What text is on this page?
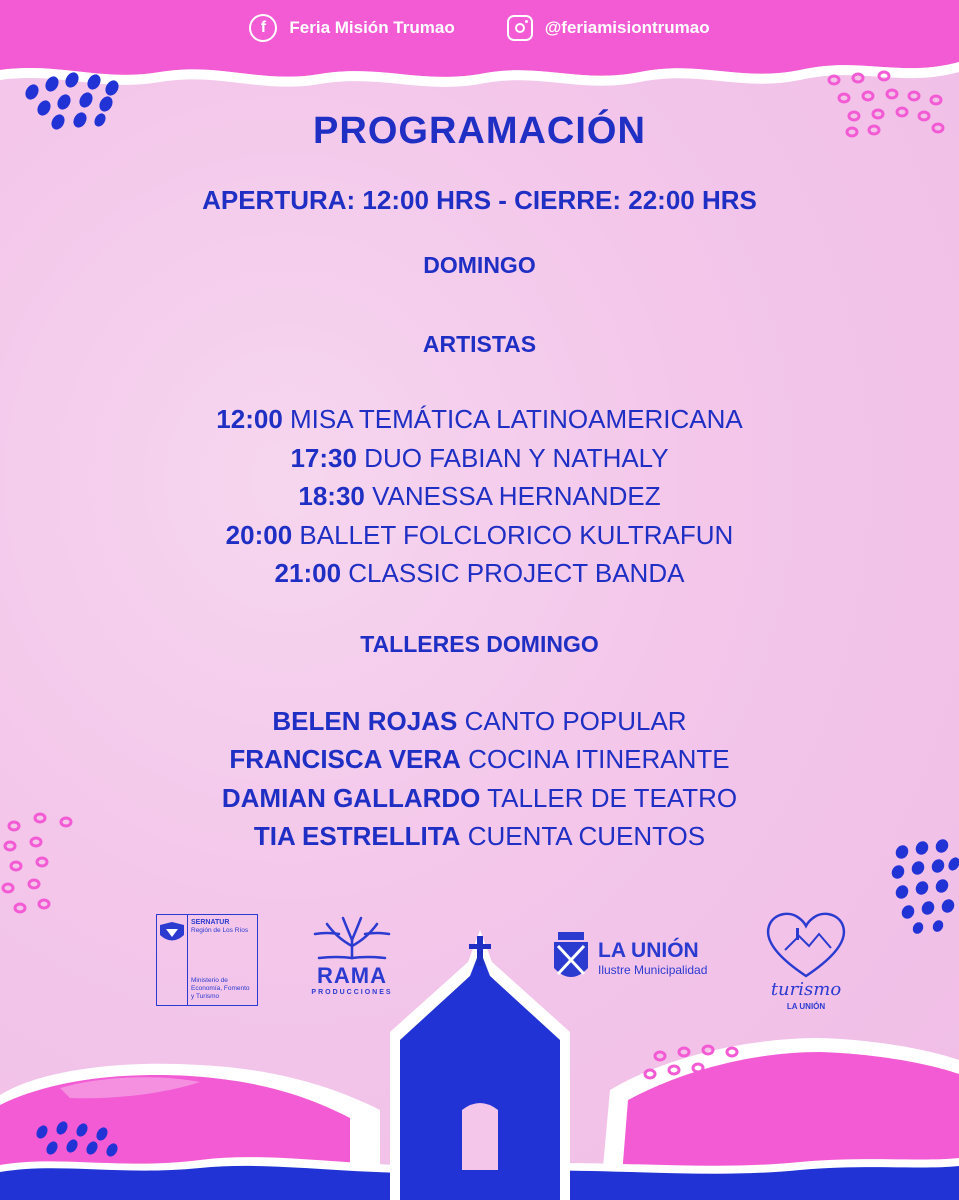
f	Feria Misión Trumao	@feriamisiontrumao
PROGRAMACIÓN
APERTURA: 12:00 HRS - CIERRE: 22:00 HRS
DOMINGO
ARTISTAS
12:00 MISA TEMÁTICA LATINOAMERICANA
17:30 DUO FABIAN Y NATHALY
18:30 VANESSA HERNANDEZ
20:00 BALLET FOLCLORICO KULTRAFUN
21:00 CLASSIC PROJECT BANDA
TALLERES DOMINGO
BELEN ROJAS CANTO POPULAR
FRANCISCA VERA COCINA ITINERANTE
DAMIAN GALLARDO TALLER DE TEATRO
TIA ESTRELLITA CUENTA CUENTOS
SERNATUR
Región de Los Ríos
Ministerio de Economía, Fomento y Turismo
RAMA
PRODUCCIONES
LA UNIÓN
Ilustre Municipalidad
turismo
LA UNIÓN
